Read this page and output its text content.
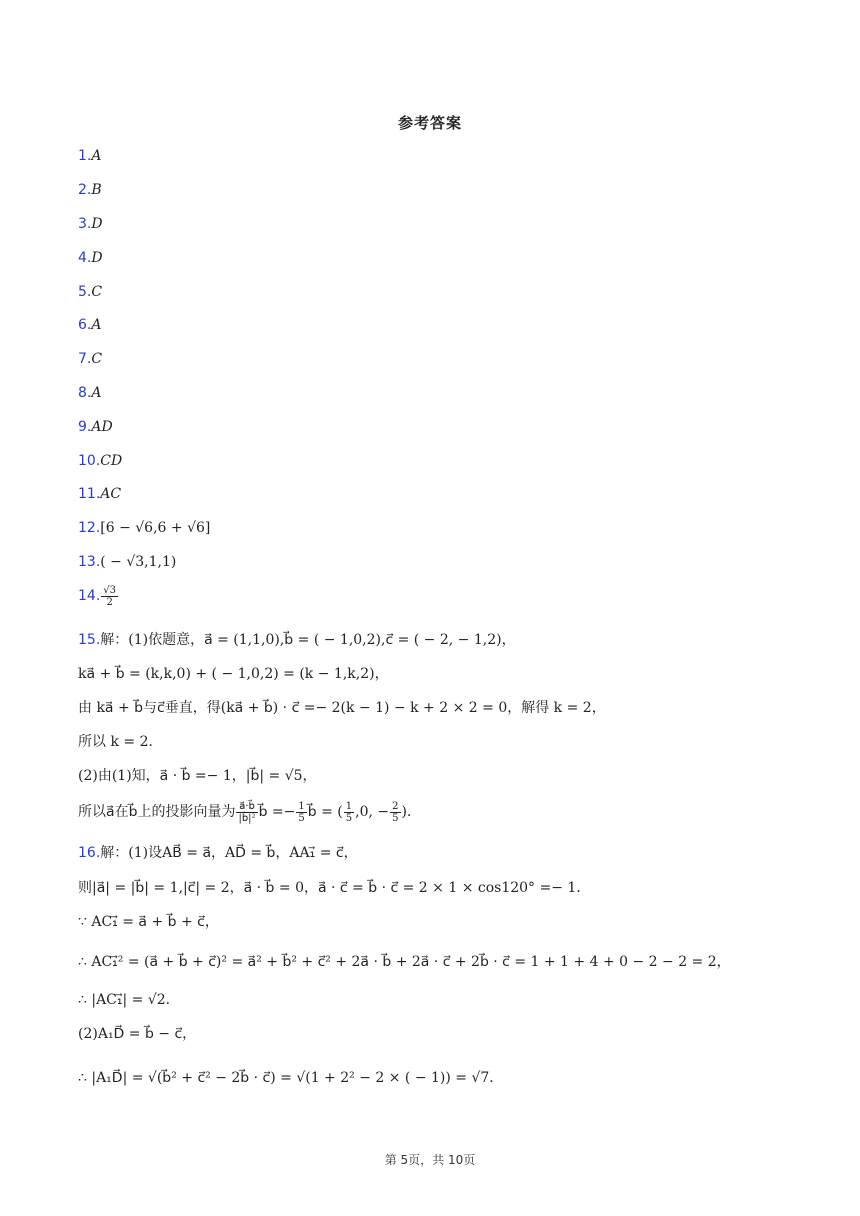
参考答案
1.A
2.B
3.D
4.D
5.C
6.A
7.C
8.A
9.AD
10.CD
11.AC
12.[6 − √6,6 + √6]
13.( − √3,1,1)
14. $\frac{√3}{2}$
15.解：(1)依题意，a⃗ = (1,1,0),b⃗ = ( − 1,0,2),c⃗ = ( − 2, − 1,2)，
ka⃗ + b⃗ = (k,k,0) + ( − 1,0,2) = (k − 1,k,2)，
由 ka⃗ + b⃗与c⃗垂直，得(ka⃗ + b⃗) · c⃗ =− 2(k − 1) − k + 2 × 2 = 0，解得 k = 2，
所以 k = 2．
(2)由(1)知，a⃗ · b⃗ =− 1，|b⃗| = √5，
所以a⃗在b⃗上的投影向量为 $\frac{a⃗\cdot b⃗}{\text{|b⃗|²}}$ b⃗ =− $\frac{1}{5}$ b⃗ = ( $\frac{1}{5} ,0$, − $\frac{2}{5}$ )．
16.解：(1)设AB⃗ = a⃗，AD⃗ = b⃗，AA₁⃗ = c⃗，
则|a⃗| = |b⃗| = 1,|c⃗| = 2，a⃗ · b⃗ = 0，a⃗ · c⃗ = b⃗ · c⃗ = 2 × 1 × cos120° =− 1．
∵ AC₁⃗ = a⃗ + b⃗ + c⃗，
∴ AC₁⃗² = (a⃗ + b⃗ + c⃗)² = a⃗² + b⃗² + c⃗² + 2a⃗ · b⃗ + 2a⃗ · c⃗ + 2b⃗ · c⃗ = 1 + 1 + 4 + 0 − 2 − 2 = 2，
∴ |AC₁⃗| = √2．
(2)A₁D⃗ = b⃗ − c⃗，
∴ |A₁D⃗| = √(b⃗² + c⃗² − 2b⃗ · c⃗) = √(1 + 2² − 2 × ( − 1)) = √7．
第 5页，共 10页
